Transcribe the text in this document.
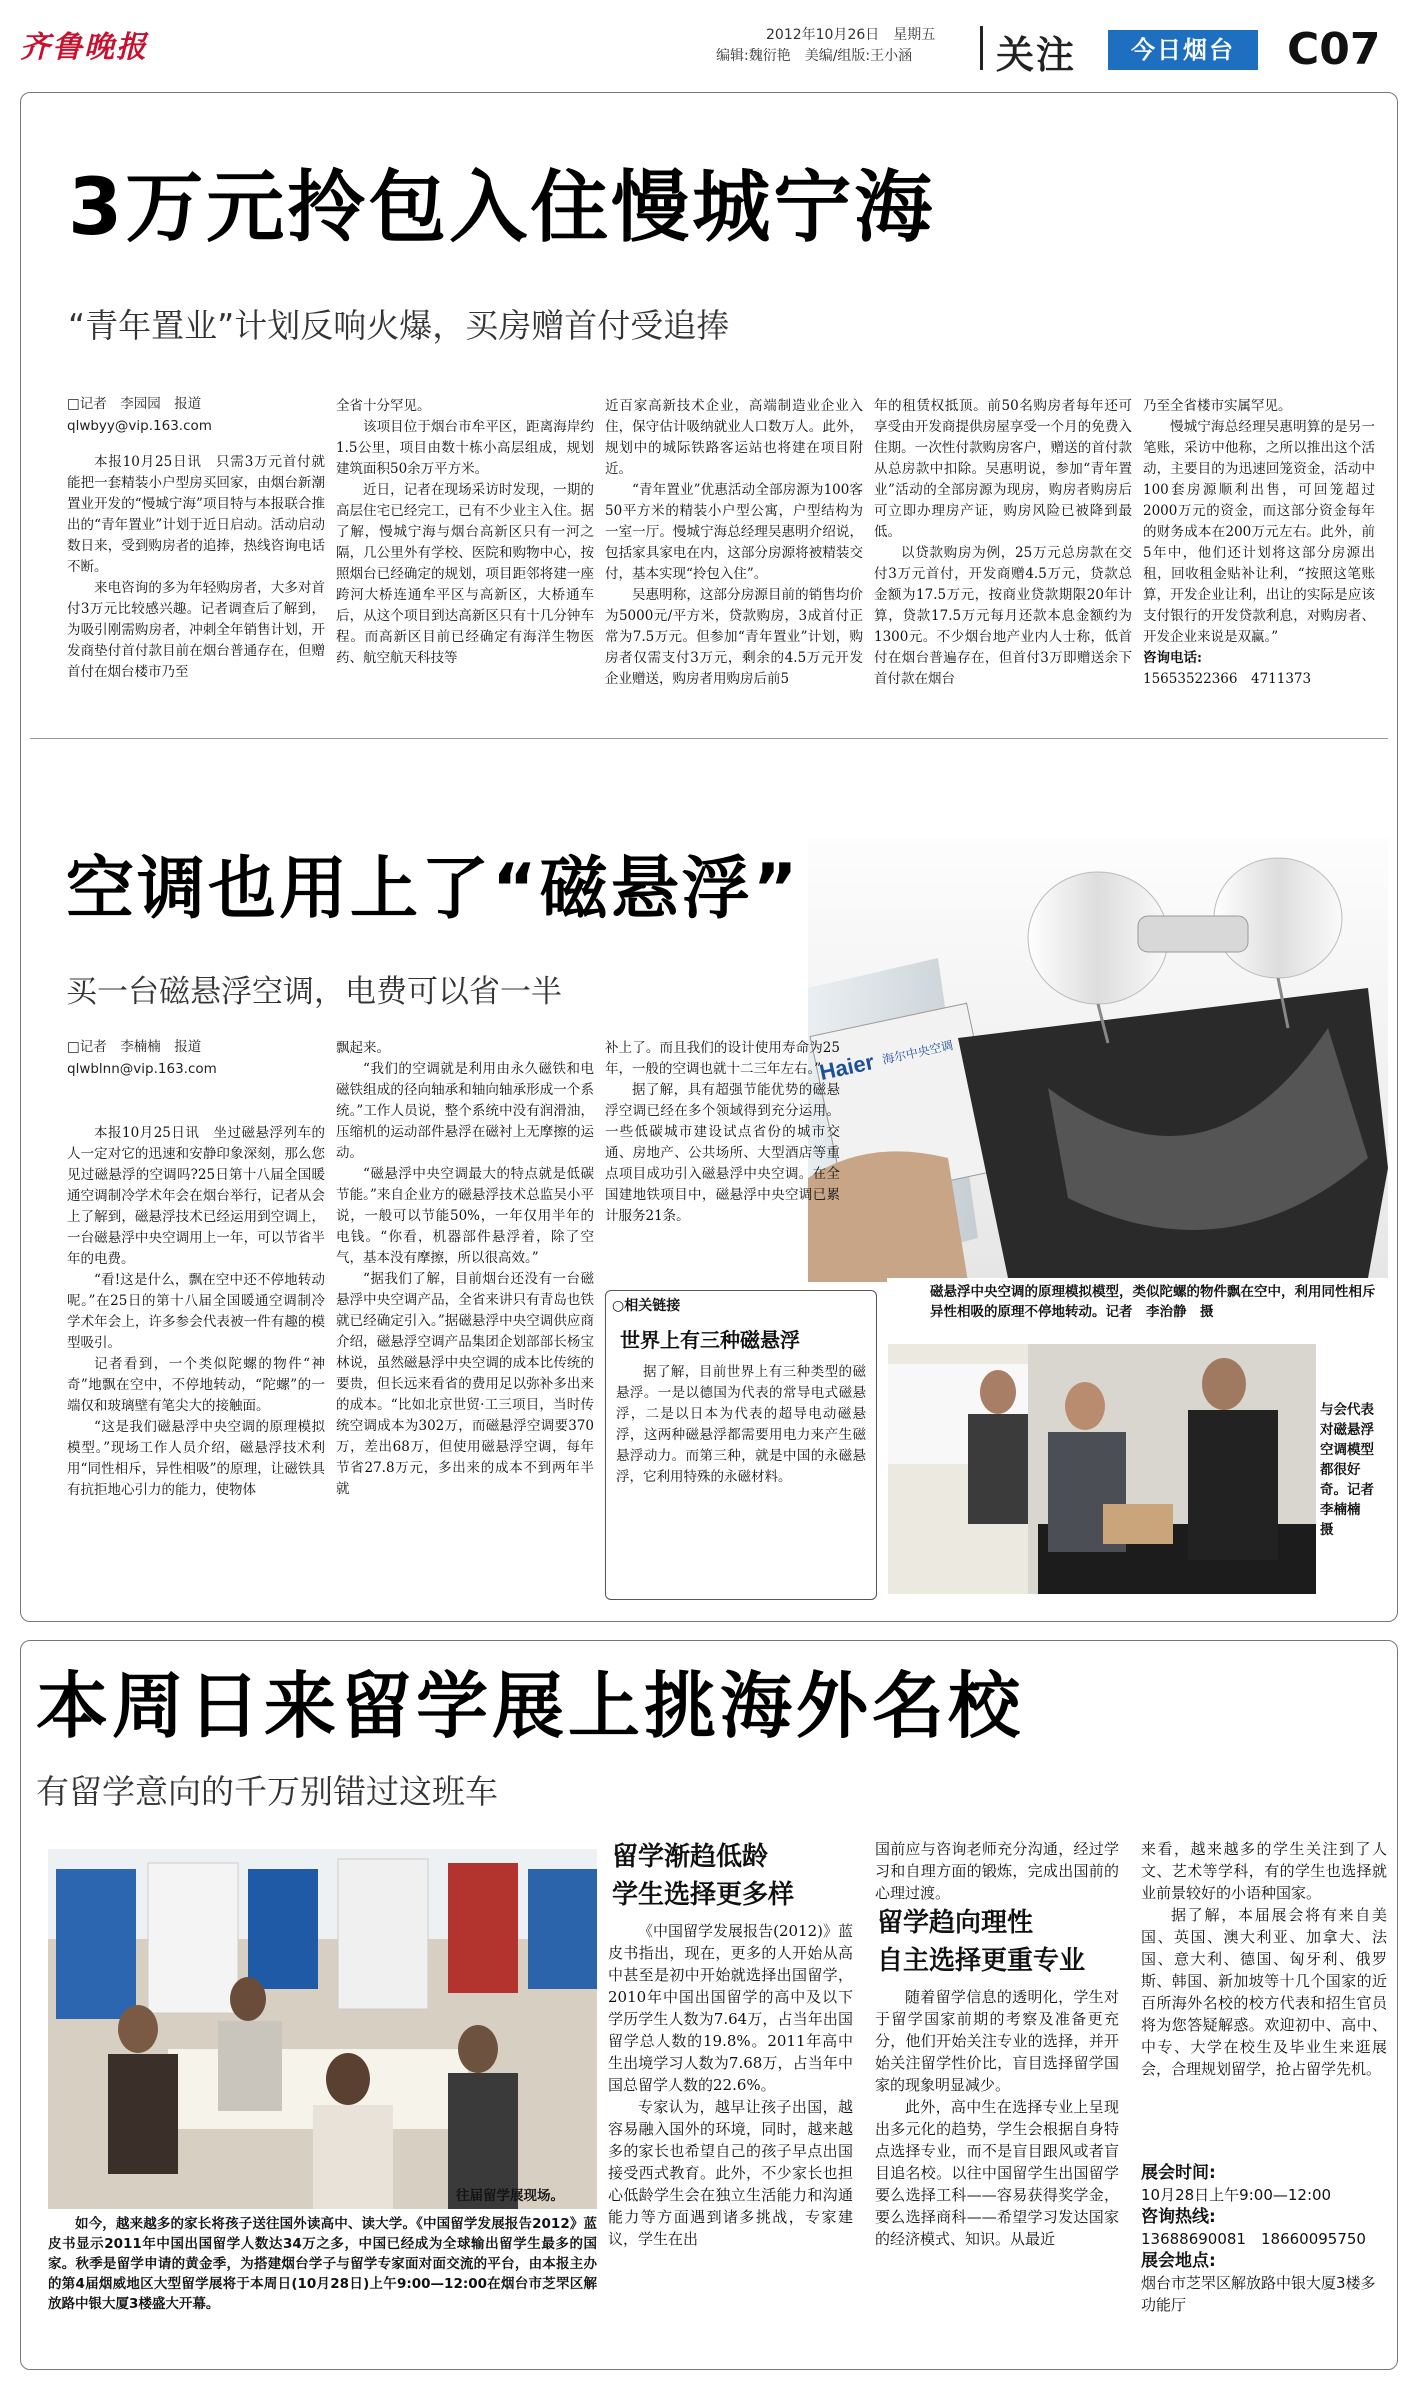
齐鲁晚报	2012年10月26日　星期五
编辑:魏衍艳　美编/组版:王小涵 关注	今日烟台	C07
3万元拎包入住慢城宁海
“青年置业”计划反响火爆，买房赠首付受追捧
□记者　李园园　报道
qlwbyy@vip.163.com

本报10月25日讯　只需3万元首付就能把一套精装小户型房买回家，由烟台新潮置业开发的“慢城宁海”项目特与本报联合推出的“青年置业”计划于近日启动。活动启动数日来，受到购房者的追捧，热线咨询电话不断。

来电咨询的多为年轻购房者，大多对首付3万元比较感兴趣。记者调查后了解到，为吸引刚需购房者，冲刺全年销售计划，开发商垫付首付款目前在烟台普通存在，但赠首付在烟台楼市乃至

全省十分罕见。

该项目位于烟台市牟平区，距离海岸约1.5公里，项目由数十栋小高层组成，规划建筑面积50余万平方米。

近日，记者在现场采访时发现，一期的高层住宅已经完工，已有不少业主入住。据了解，慢城宁海与烟台高新区只有一河之隔，几公里外有学校、医院和购物中心，按照烟台已经确定的规划，项目距邻将建一座跨河大桥连通牟平区与高新区，大桥通车后，从这个项目到达高新区只有十几分钟车程。而高新区目前已经确定有海洋生物医药、航空航天科技等

近百家高新技术企业，高端制造业企业入住，保守估计吸纳就业人口数万人。此外，规划中的城际铁路客运站也将建在项目附近。

“青年置业”优惠活动全部房源为100客50平方米的精装小户型公寓，户型结构为一室一厅。慢城宁海总经理吴惠明介绍说，包括家具家电在内，这部分房源将被精装交付，基本实现“拎包入住”。

吴惠明称，这部分房源目前的销售均价为5000元/平方米，贷款购房，3成首付正常为7.5万元。但参加“青年置业”计划，购房者仅需支付3万元，剩余的4.5万元开发企业赠送，购房者用购房后前5

年的租赁权抵顶。前50名购房者每年还可享受由开发商提供房屋享受一个月的免费入住期。一次性付款购房客户，赠送的首付款从总房款中扣除。吴惠明说，参加“青年置业”活动的全部房源为现房，购房者购房后可立即办理房产证，购房风险已被降到最低。

以贷款购房为例，25万元总房款在交付3万元首付，开发商赠4.5万元，贷款总金额为17.5万元，按商业贷款期限20年计算，贷款17.5万元每月还款本息金额约为1300元。不少烟台地产业内人士称，低首付在烟台普遍存在，但首付3万即赠送余下首付款在烟台

乃至全省楼市实属罕见。

慢城宁海总经理吴惠明算的是另一笔账，采访中他称，之所以推出这个活动，主要目的为迅速回笼资金，活动中100套房源顺利出售，可回笼超过2000万元的资金，而这部分资金每年的财务成本在200万元左右。此外，前5年中，他们还计划将这部分房源出租，回收租金贴补让利，“按照这笔账算，开发企业让利，出让的实际是应该支付银行的开发贷款利息，对购房者、开发企业来说是双赢。”

咨询电话:
15653522366　4711373

空调也用上了“磁悬浮”
买一台磁悬浮空调，电费可以省一半
Haier 海尔中央空调
磁悬浮中央空调的原理模拟模型，类似陀螺的物件飘在空中，利用同性相斥异性相吸的原理不停地转动。记者　李治静　摄
与会代表对磁悬浮空调模型都很好奇。记者　李楠楠　摄
□记者　李楠楠　报道
qlwblnn@vip.163.com

本报10月25日讯　坐过磁悬浮列车的人一定对它的迅速和安静印象深刻，那么您见过磁悬浮的空调吗?25日第十八届全国暖通空调制冷学术年会在烟台举行，记者从会上了解到，磁悬浮技术已经运用到空调上，一台磁悬浮中央空调用上一年，可以节省半年的电费。

“看!这是什么，飘在空中还不停地转动呢。”在25日的第十八届全国暖通空调制冷学术年会上，许多参会代表被一件有趣的模型吸引。

记者看到，一个类似陀螺的物件“神奇”地飘在空中，不停地转动，“陀螺”的一端仅和玻璃壁有笔尖大的接触面。

“这是我们磁悬浮中央空调的原理模拟模型。”现场工作人员介绍，磁悬浮技术利用“同性相斥，异性相吸”的原理，让磁铁具有抗拒地心引力的能力，使物体

飘起来。

“我们的空调就是利用由永久磁铁和电磁铁组成的径向轴承和轴向轴承形成一个系统。”工作人员说，整个系统中没有润滑油，压缩机的运动部件悬浮在磁衬上无摩擦的运动。

“磁悬浮中央空调最大的特点就是低碳节能。”来自企业方的磁悬浮技术总监吴小平说，一般可以节能50%，一年仅用半年的电钱。“你看，机器部件悬浮着，除了空气，基本没有摩擦，所以很高效。”

“据我们了解，目前烟台还没有一台磁悬浮中央空调产品，全省来讲只有青岛也铁就已经确定引入。”据磁悬浮中央空调供应商介绍，磁悬浮空调产品集团企划部部长杨宝林说，虽然磁悬浮中央空调的成本比传统的要贵，但长远来看省的费用足以弥补多出来的成本。“比如北京世贸·工三项目，当时传统空调成本为302万，而磁悬浮空调要370万，差出68万，但使用磁悬浮空调，每年节省27.8万元，多出来的成本不到两年半就

补上了。而且我们的设计使用寿命为25年，一般的空调也就十二三年左右。”

据了解，具有超强节能优势的磁悬浮空调已经在多个领域得到充分运用。一些低碳城市建设试点省份的城市交通、房地产、公共场所、大型酒店等重点项目成功引入磁悬浮中央空调。在全国建地铁项目中，磁悬浮中央空调已累计服务21条。

○相关链接
世界上有三种磁悬浮

据了解，目前世界上有三种类型的磁悬浮。一是以德国为代表的常导电式磁悬浮，二是以日本为代表的超导电动磁悬浮，这两种磁悬浮都需要用电力来产生磁悬浮动力。而第三种，就是中国的永磁悬浮，它利用特殊的永磁材料。

本周日来留学展上挑海外名校
有留学意向的千万别错过这班车
往届留学展现场。

如今，越来越多的家长将孩子送往国外读高中、读大学。《中国留学发展报告2012》蓝皮书显示2011年中国出国留学人数达34万之多，中国已经成为全球输出留学生最多的国家。秋季是留学申请的黄金季，为搭建烟台学子与留学专家面对面交流的平台，由本报主办的第4届烟威地区大型留学展将于本周日(10月28日)上午9:00—12:00在烟台市芝罘区解放路中银大厦3楼盛大开幕。

留学渐趋低龄
学生选择更多样

《中国留学发展报告(2012)》蓝皮书指出，现在，更多的人开始从高中甚至是初中开始就选择出国留学，2010年中国出国留学的高中及以下学历学生人数为7.64万，占当年出国留学总人数的19.8%。2011年高中生出境学习人数为7.68万，占当年中国总留学人数的22.6%。

专家认为，越早让孩子出国，越容易融入国外的环境，同时，越来越多的家长也希望自己的孩子早点出国接受西式教育。此外，不少家长也担心低龄学生会在独立生活能力和沟通能力等方面遇到诸多挑战，专家建议，学生在出

国前应与咨询老师充分沟通，经过学习和自理方面的锻炼，完成出国前的心理过渡。

留学趋向理性
自主选择更重专业

随着留学信息的透明化，学生对于留学国家前期的考察及准备更充分，他们开始关注专业的选择，并开始关注留学性价比，盲目选择留学国家的现象明显减少。

此外，高中生在选择专业上呈现出多元化的趋势，学生会根据自身特点选择专业，而不是盲目跟风或者盲目追名校。以往中国留学生出国留学要么选择工科——容易获得奖学金，要么选择商科——希望学习发达国家的经济模式、知识。从最近

来看，越来越多的学生关注到了人文、艺术等学科，有的学生也选择就业前景较好的小语种国家。

据了解，本届展会将有来自美国、英国、澳大利亚、加拿大、法国、意大利、德国、匈牙利、俄罗斯、韩国、新加坡等十几个国家的近百所海外名校的校方代表和招生官员将为您答疑解惑。欢迎初中、高中、中专、大学在校生及毕业生来逛展会，合理规划留学，抢占留学先机。

展会时间:
10月28日上午9:00—12:00
咨询热线:
13688690081　18660095750
展会地点:
烟台市芝罘区解放路中银大厦3楼多功能厅
